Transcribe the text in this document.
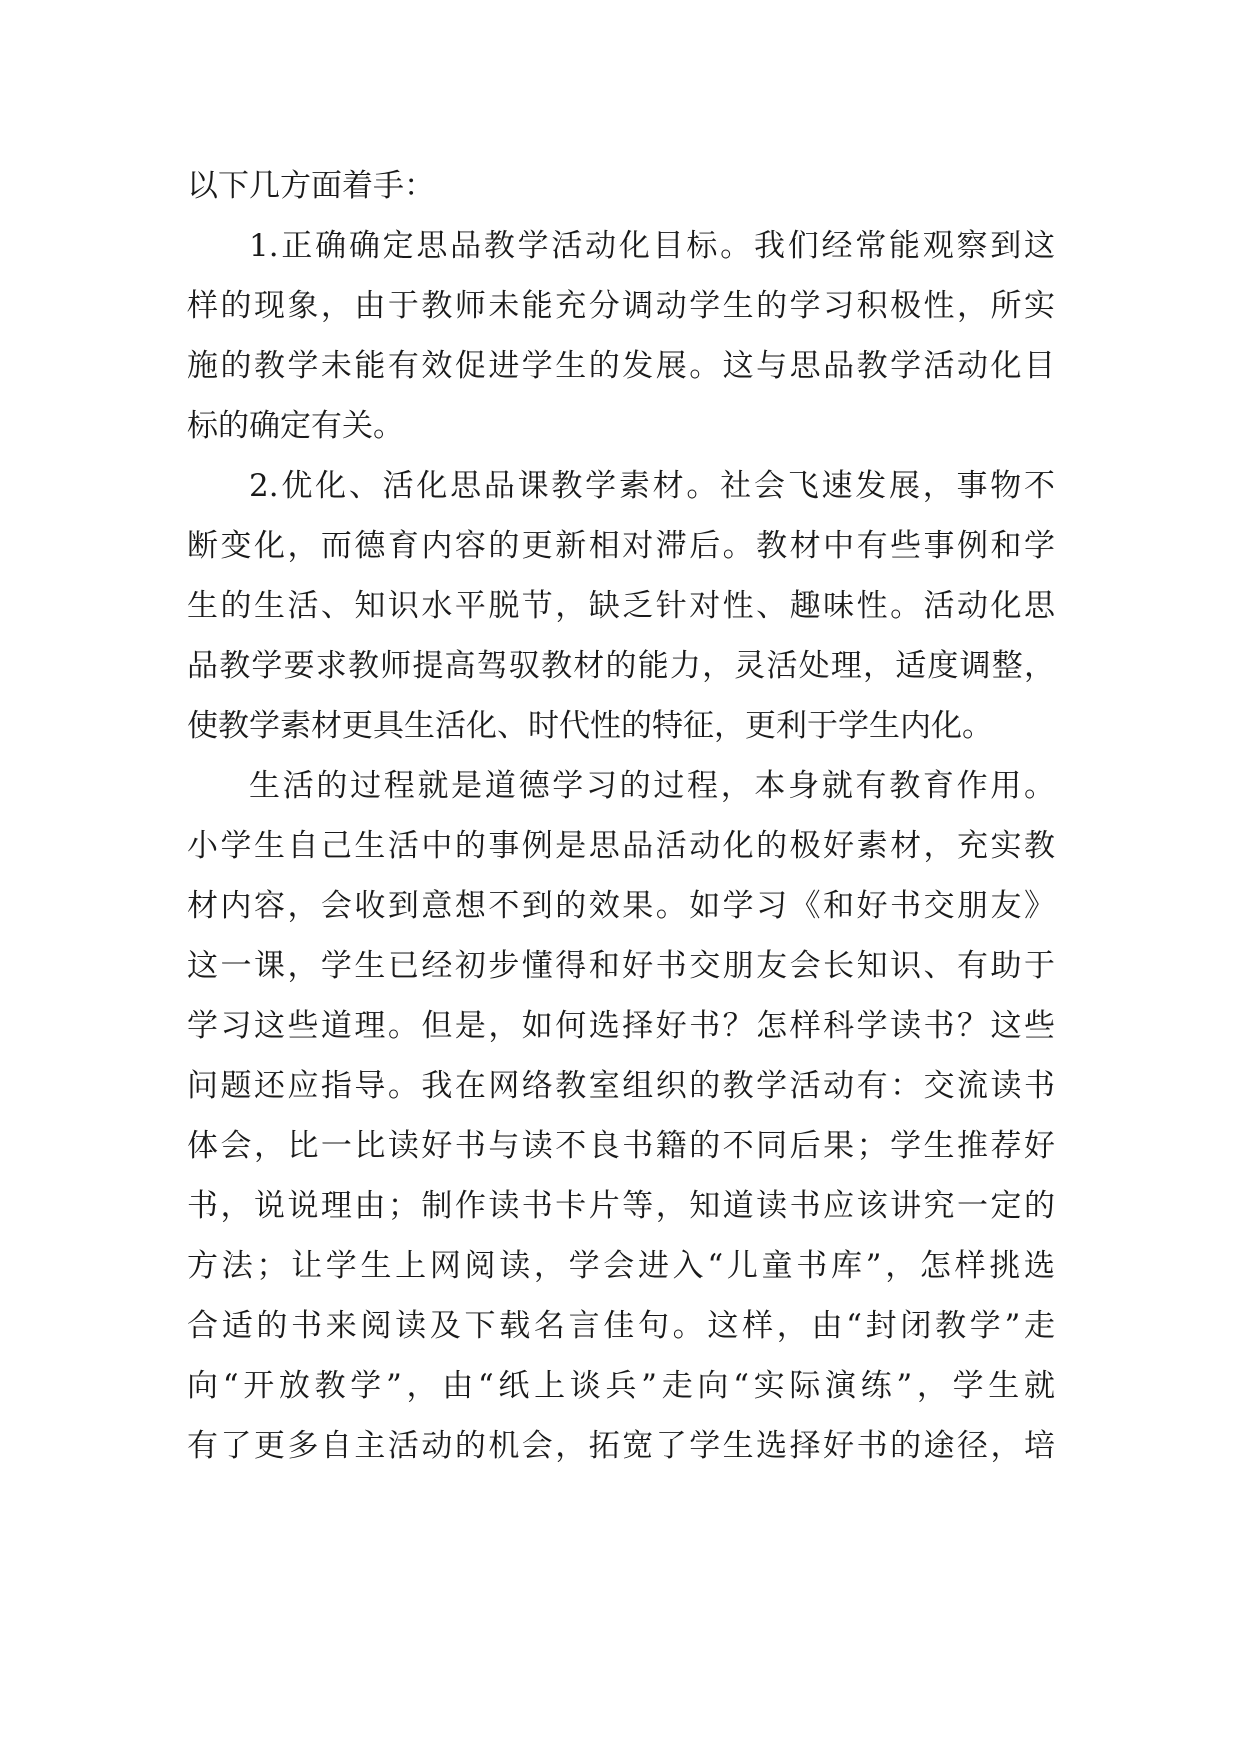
以下几方面着手：
1.正确确定思品教学活动化目标。我们经常能观察到这
样的现象，由于教师未能充分调动学生的学习积极性，所实
施的教学未能有效促进学生的发展。这与思品教学活动化目
标的确定有关。
2.优化、活化思品课教学素材。社会飞速发展，事物不
断变化，而德育内容的更新相对滞后。教材中有些事例和学
生的生活、知识水平脱节，缺乏针对性、趣味性。活动化思
品教学要求教师提高驾驭教材的能力，灵活处理，适度调整，
使教学素材更具生活化、时代性的特征，更利于学生内化。
生活的过程就是道德学习的过程，本身就有教育作用。
小学生自己生活中的事例是思品活动化的极好素材，充实教
材内容，会收到意想不到的效果。如学习《和好书交朋友》
这一课，学生已经初步懂得和好书交朋友会长知识、有助于
学习这些道理。但是，如何选择好书？怎样科学读书？这些
问题还应指导。我在网络教室组织的教学活动有：交流读书
体会，比一比读好书与读不良书籍的不同后果；学生推荐好
书，说说理由；制作读书卡片等，知道读书应该讲究一定的
方法；让学生上网阅读，学会进入“儿童书库”，怎样挑选
合适的书来阅读及下载名言佳句。这样，由“封闭教学”走
向“开放教学”，由“纸上谈兵”走向“实际演练”，学生就
有了更多自主活动的机会，拓宽了学生选择好书的途径，培
